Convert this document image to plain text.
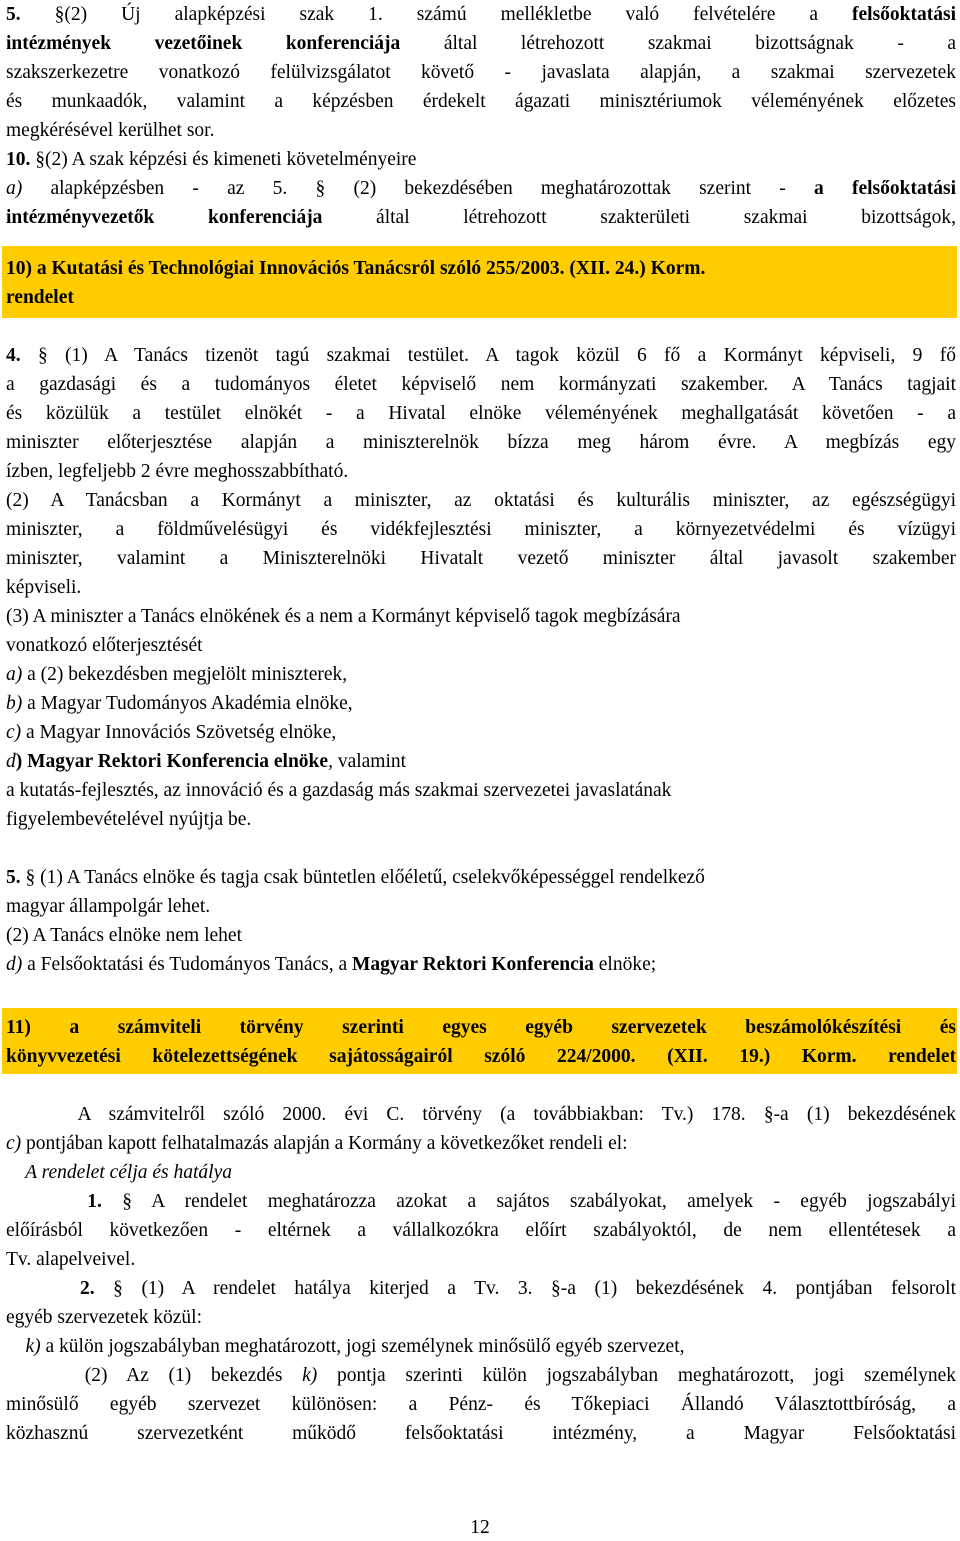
5. §(2) Új alapképzési szak 1. számú mellékletbe való felvételére a felsőoktatási
intézmények vezetőinek konferenciája által létrehozott szakmai bizottságnak - a
szakszerkezetre vonatkozó felülvizsgálatot követő - javaslata alapján, a szakmai szervezetek
és munkaadók, valamint a képzésben érdekelt ágazati minisztériumok véleményének előzetes
megkérésével kerülhet sor.
10. §(2) A szak képzési és kimeneti követelményeire
a) alapképzésben - az 5. § (2) bekezdésében meghatározottak szerint - a felsőoktatási
intézményvezetők konferenciája által létrehozott szakterületi szakmai bizottságok,
10) a Kutatási és Technológiai Innovációs Tanácsról szóló 255/2003. (XII. 24.) Korm.
rendelet
4. § (1) A Tanács tizenöt tagú szakmai testület. A tagok közül 6 fő a Kormányt képviseli, 9 fő
a gazdasági és a tudományos életet képviselő nem kormányzati szakember. A Tanács tagjait
és közülük a testület elnökét - a Hivatal elnöke véleményének meghallgatását követően - a
miniszter előterjesztése alapján a miniszterelnök bízza meg három évre. A megbízás egy
ízben, legfeljebb 2 évre meghosszabbítható.
(2) A Tanácsban a Kormányt a miniszter, az oktatási és kulturális miniszter, az egészségügyi
miniszter, a földművelésügyi és vidékfejlesztési miniszter, a környezetvédelmi és vízügyi
miniszter, valamint a Miniszterelnöki Hivatalt vezető miniszter által javasolt szakember
képviseli.
(3) A miniszter a Tanács elnökének és a nem a Kormányt képviselő tagok megbízására
vonatkozó előterjesztését
a) a (2) bekezdésben megjelölt miniszterek,
b) a Magyar Tudományos Akadémia elnöke,
c) a Magyar Innovációs Szövetség elnöke,
d) Magyar Rektori Konferencia elnöke, valamint
a kutatás-fejlesztés, az innováció és a gazdaság más szakmai szervezetei javaslatának
figyelembevételével nyújtja be.
5. § (1) A Tanács elnöke és tagja csak büntetlen előéletű, cselekvőképességgel rendelkező
magyar állampolgár lehet.
(2) A Tanács elnöke nem lehet
d) a Felsőoktatási és Tudományos Tanács, a Magyar Rektori Konferencia elnöke;
11) a számviteli törvény szerinti egyes egyéb szervezetek beszámolókészítési és
könyvvezetési kötelezettségének sajátosságairól szóló 224/2000. (XII. 19.) Korm. rendelet
A számvitelről szóló 2000. évi C. törvény (a továbbiakban: Tv.) 178. §-a (1) bekezdésének
c) pontjában kapott felhatalmazás alapján a Kormány a következőket rendeli el:
A rendelet célja és hatálya
1. § A rendelet meghatározza azokat a sajátos szabályokat, amelyek - egyéb jogszabályi
előírásból következően - eltérnek a vállalkozókra előírt szabályoktól, de nem ellentétesek a
Tv. alapelveivel.
2. § (1) A rendelet hatálya kiterjed a Tv. 3. §-a (1) bekezdésének 4. pontjában felsorolt
egyéb szervezetek közül:
k) a külön jogszabályban meghatározott, jogi személynek minősülő egyéb szervezet,
(2) Az (1) bekezdés k) pontja szerinti külön jogszabályban meghatározott, jogi személynek
minősülő egyéb szervezet különösen: a Pénz- és Tőkepiaci Állandó Választottbíróság, a
közhasznú szervezetként működő felsőoktatási intézmény, a Magyar Felsőoktatási
12
